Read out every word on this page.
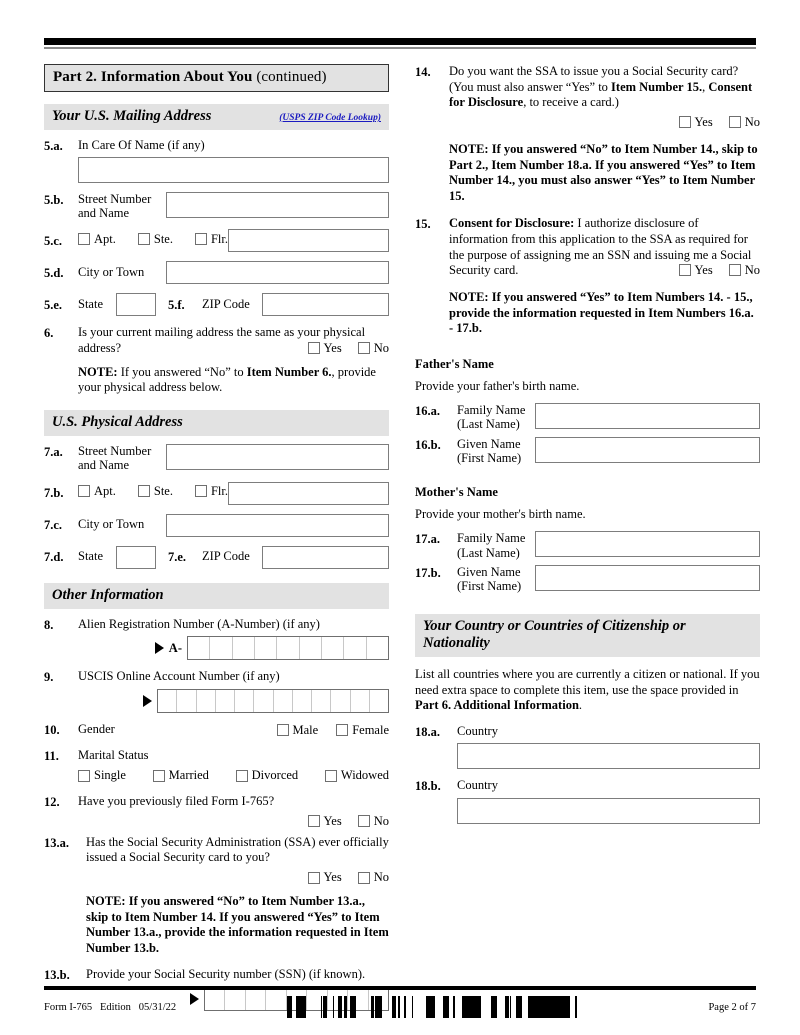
Part 2. Information About You (continued)
Your U.S. Mailing Address	(USPS ZIP Code Lookup)
5.a.	In Care Of Name (if any)
5.b.	Street Number
and Name
5.c.	Apt.
	Ste.
	Flr.
5.d.	City or Town
5.e.	State	5.f.	ZIP Code
6.	Is your current mailing address the same as your physical address?	Yes	No
NOTE: If you answered “No” to Item Number 6., provide your physical address below.
U.S. Physical Address
7.a.	Street Number
and Name
7.b.	Apt.
	Ste.
	Flr.
7.c.	City or Town
7.d.	State	7.e.	ZIP Code
Other Information
8.	Alien Registration Number (A-Number) (if any)
A-
9.	USCIS Online Account Number (if any)
10.	Gender	Male	Female
11.	Marital Status
Single	Married	Divorced	Widowed
12.	Have you previously filed Form I-765?
Yes	No
13.a.	Has the Social Security Administration (SSA) ever officially issued a Social Security card to you?
Yes	No
NOTE: If you answered “No” to Item Number 13.a., skip to Item Number 14. If you answered “Yes” to Item Number 13.a., provide the information requested in Item Number 13.b.
13.b.	Provide your Social Security number (SSN) (if known).
14.	Do you want the SSA to issue you a Social Security card? (You must also answer “Yes” to Item Number 15., Consent for Disclosure, to receive a card.)
Yes	No
NOTE: If you answered “No” to Item Number 14., skip to Part 2., Item Number 18.a. If you answered “Yes” to Item Number 14., you must also answer “Yes” to Item Number 15.
15.	Consent for Disclosure: I authorize disclosure of information from this application to the SSA as required for the purpose of assigning me an SSN and issuing me a Social Security card.	Yes	No
NOTE: If you answered “Yes” to Item Numbers 14. - 15., provide the information requested in Item Numbers 16.a. - 17.b.
Father's Name
Provide your father's birth name.
16.a.	Family Name
(Last Name)
16.b.	Given Name
(First Name)
Mother's Name
Provide your mother's birth name.
17.a.	Family Name
(Last Name)
17.b.	Given Name
(First Name)
Your Country or Countries of Citizenship or
Nationality
List all countries where you are currently a citizen or national. If you need extra space to complete this item, use the space provided in Part 6. Additional Information.
18.a.	Country
18.b.	Country
Form I-765 Edition 05/31/22	Page 2 of 7
